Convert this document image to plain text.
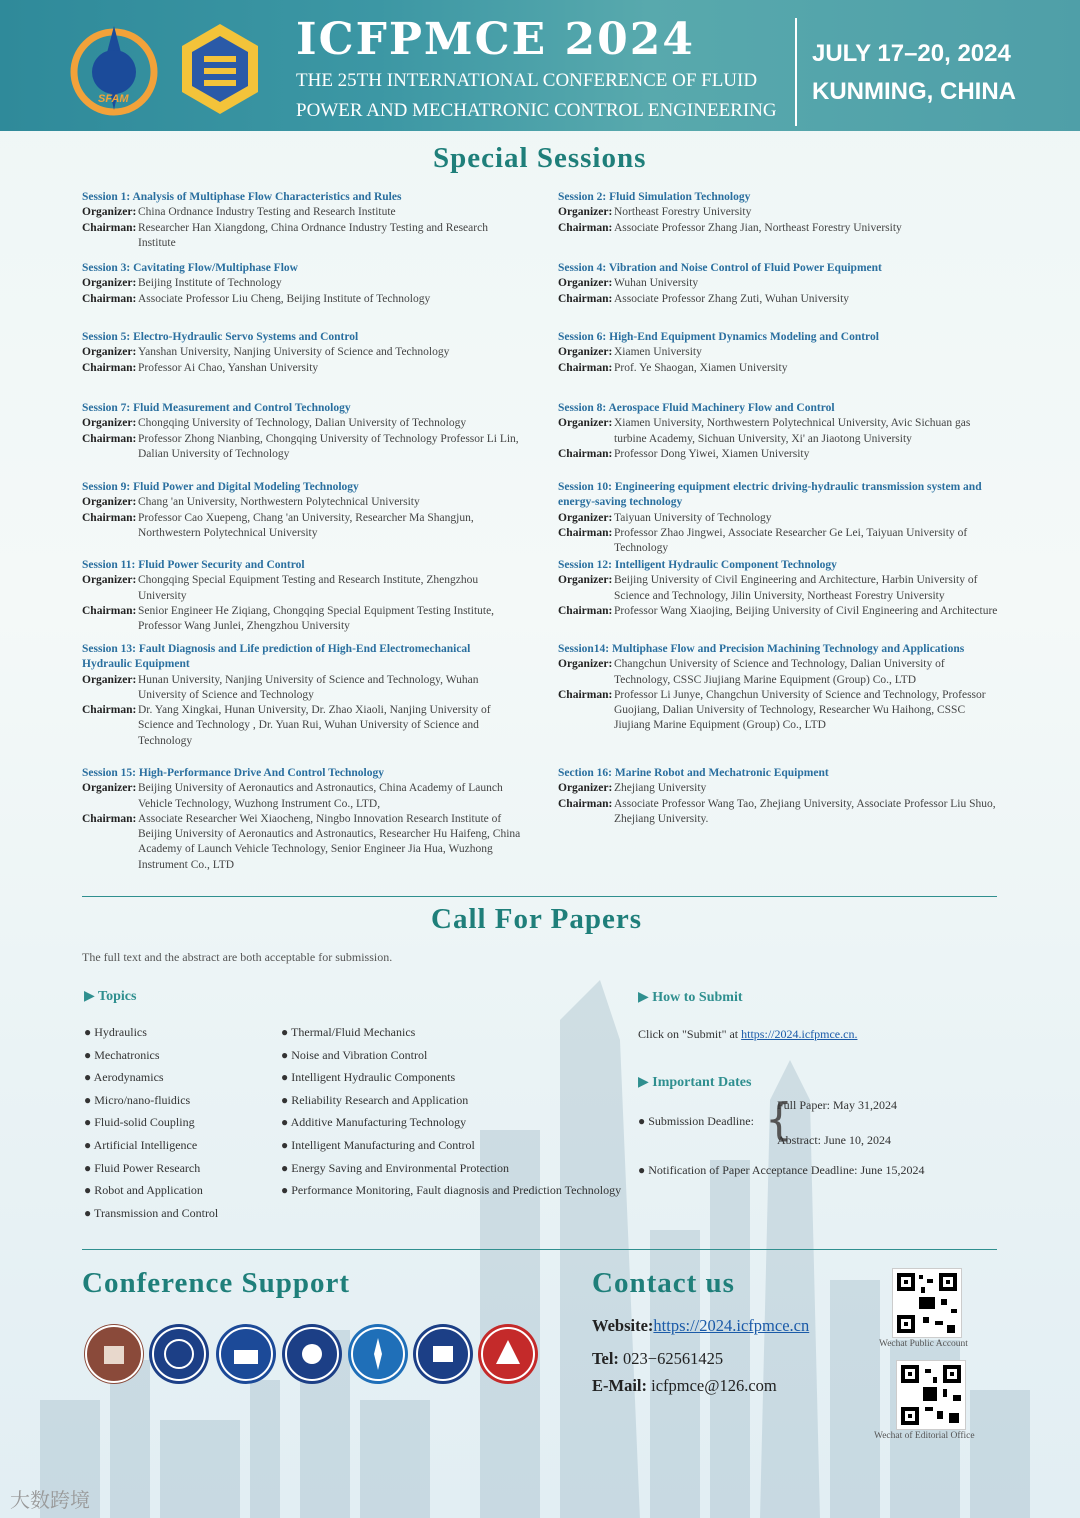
SFAM
ICFPMCE 2024
THE 25TH INTERNATIONAL CONFERENCE OF FLUID
POWER AND MECHATRONIC CONTROL ENGINEERING
JULY 17–20, 2024
KUNMING, CHINA
Special Sessions
Session 1: Analysis of Multiphase Flow Characteristics and Rules
Organizer: China Ordnance Industry Testing and Research Institute
Chairman: Researcher Han Xiangdong, China Ordnance Industry Testing and Research Institute
Session 2: Fluid Simulation Technology
Organizer: Northeast Forestry University
Chairman: Associate Professor Zhang Jian, Northeast Forestry University
Session 3: Cavitating Flow/Multiphase Flow
Organizer: Beijing Institute of Technology
Chairman: Associate Professor Liu Cheng, Beijing Institute of Technology
Session 4: Vibration and Noise Control of Fluid Power Equipment
Organizer: Wuhan University
Chairman: Associate Professor Zhang Zuti, Wuhan University
Session 5: Electro-Hydraulic Servo Systems and Control
Organizer: Yanshan University, Nanjing University of Science and Technology
Chairman: Professor Ai Chao, Yanshan University
Session 6: High-End Equipment Dynamics Modeling and Control
Organizer: Xiamen University
Chairman: Prof. Ye Shaogan, Xiamen University
Session 7: Fluid Measurement and Control Technology
Organizer: Chongqing University of Technology, Dalian University of Technology
Chairman: Professor Zhong Nianbing, Chongqing University of Technology Professor Li Lin, Dalian University of Technology
Session 8: Aerospace Fluid Machinery Flow and Control
Organizer: Xiamen University, Northwestern Polytechnical University, Avic Sichuan gas turbine Academy, Sichuan University, Xi' an Jiaotong University
Chairman: Professor Dong Yiwei, Xiamen University
Session 9: Fluid Power and Digital Modeling Technology
Organizer: Chang 'an University, Northwestern Polytechnical University
Chairman: Professor Cao Xuepeng, Chang 'an University, Researcher Ma Shangjun, Northwestern Polytechnical University
Session 10: Engineering equipment electric driving-hydraulic transmission system and energy-saving technology
Organizer: Taiyuan University of Technology
Chairman: Professor Zhao Jingwei, Associate Researcher Ge Lei, Taiyuan University of Technology
Session 11: Fluid Power Security and Control
Organizer: Chongqing Special Equipment Testing and Research Institute, Zhengzhou University
Chairman: Senior Engineer He Ziqiang, Chongqing Special Equipment Testing Institute, Professor Wang Junlei, Zhengzhou University
Session 12: Intelligent Hydraulic Component Technology
Organizer: Beijing University of Civil Engineering and Architecture, Harbin University of Science and Technology, Jilin University, Northeast Forestry University
Chairman: Professor Wang Xiaojing, Beijing University of Civil Engineering and Architecture
Session 13: Fault Diagnosis and Life prediction of High-End Electromechanical Hydraulic Equipment
Organizer: Hunan University, Nanjing University of Science and Technology, Wuhan University of Science and Technology
Chairman: Dr. Yang Xingkai, Hunan University, Dr. Zhao Xiaoli, Nanjing University of Science and Technology , Dr. Yuan Rui, Wuhan University of Science and Technology
Session14: Multiphase Flow and Precision Machining Technology and Applications
Organizer: Changchun University of Science and Technology, Dalian University of Technology, CSSC Jiujiang Marine Equipment (Group) Co., LTD
Chairman: Professor Li Junye, Changchun University of Science and Technology, Professor Guojiang, Dalian University of Technology, Researcher Wu Haihong, CSSC Jiujiang Marine Equipment (Group) Co., LTD
Session 15: High-Performance Drive And Control Technology
Organizer: Beijing University of Aeronautics and Astronautics, China Academy of Launch Vehicle Technology, Wuzhong Instrument Co., LTD,
Chairman: Associate Researcher Wei Xiaocheng, Ningbo Innovation Research Institute of Beijing University of Aeronautics and Astronautics, Researcher Hu Haifeng, China Academy of Launch Vehicle Technology, Senior Engineer Jia Hua, Wuzhong Instrument Co., LTD
Section 16: Marine Robot and Mechatronic Equipment
Organizer: Zhejiang University
Chairman: Associate Professor Wang Tao, Zhejiang University, Associate Professor Liu Shuo, Zhejiang University.
Call For Papers
The full text and the abstract are both acceptable for submission.
▶ Topics
● Hydraulics
● Mechatronics
● Aerodynamics
● Micro/nano-fluidics
● Fluid-solid Coupling
● Artificial Intelligence
● Fluid Power Research
● Robot and Application
● Transmission and Control
● Thermal/Fluid Mechanics
● Noise and Vibration Control
● Intelligent Hydraulic Components
● Reliability Research and Application
● Additive Manufacturing Technology
● Intelligent Manufacturing and Control
● Energy Saving and Environmental Protection
● Performance Monitoring, Fault diagnosis and Prediction Technology
▶ How to Submit
Click on "Submit" at https://2024.icfpmce.cn.
▶ Important Dates
● Submission Deadline: {
Full Paper: May 31,2024
Abstract: June 10, 2024
● Notification of Paper Acceptance Deadline: June 15,2024
Conference Support	Contact us
Website:https://2024.icfpmce.cn
Tel: 023−62561425
E-Mail: icfpmce@126.com
Wechat Public Account
Wechat of Editorial Office
大数跨境
